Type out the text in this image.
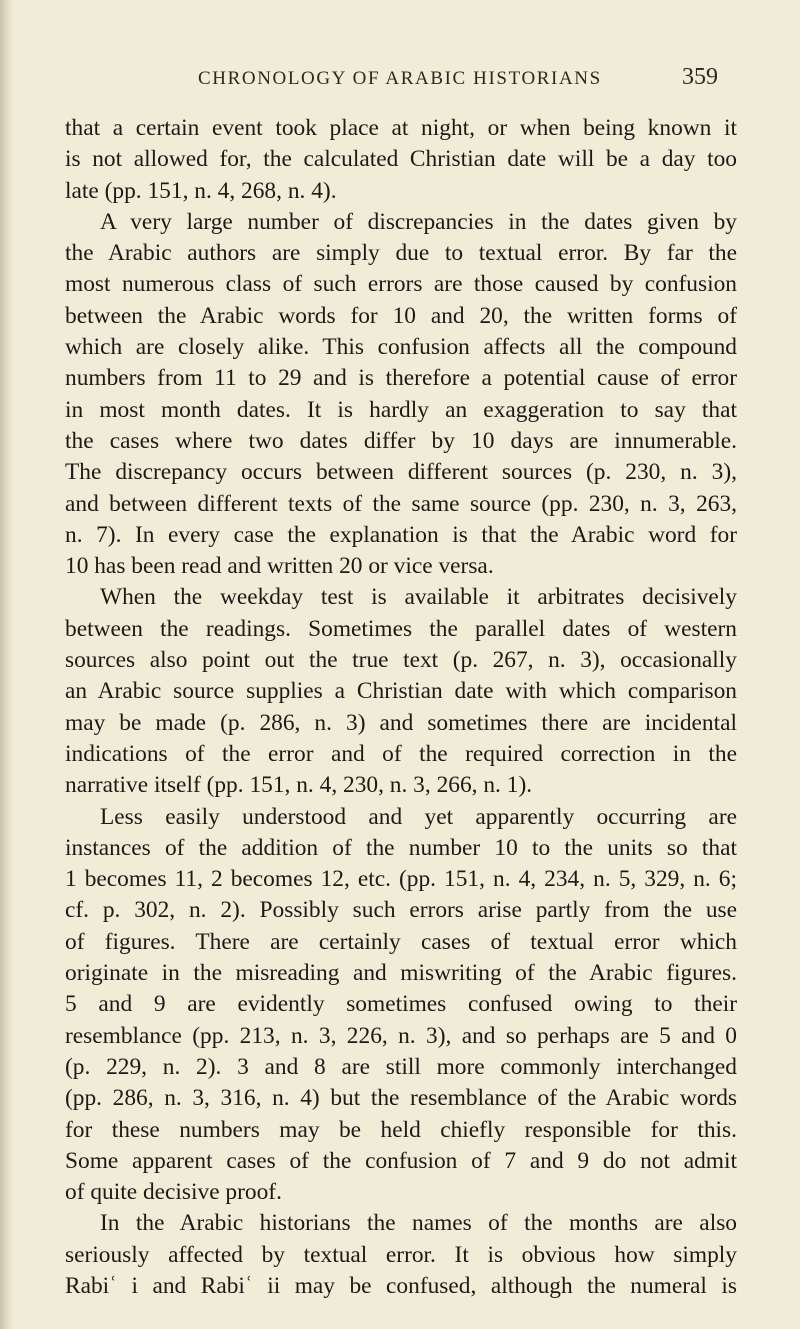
CHRONOLOGY OF ARABIC HISTORIANS	359
that a certain event took place at night, or when being known it
is not allowed for, the calculated Christian date will be a day too
late (pp. 151, n. 4, 268, n. 4).
A very large number of discrepancies in the dates given by
the Arabic authors are simply due to textual error. By far the
most numerous class of such errors are those caused by confusion
between the Arabic words for 10 and 20, the written forms of
which are closely alike. This confusion affects all the compound
numbers from 11 to 29 and is therefore a potential cause of error
in most month dates. It is hardly an exaggeration to say that
the cases where two dates differ by 10 days are innumerable.
The discrepancy occurs between different sources (p. 230, n. 3),
and between different texts of the same source (pp. 230, n. 3, 263,
n. 7). In every case the explanation is that the Arabic word for
10 has been read and written 20 or vice versa.
When the weekday test is available it arbitrates decisively
between the readings. Sometimes the parallel dates of western
sources also point out the true text (p. 267, n. 3), occasionally
an Arabic source supplies a Christian date with which comparison
may be made (p. 286, n. 3) and sometimes there are incidental
indications of the error and of the required correction in the
narrative itself (pp. 151, n. 4, 230, n. 3, 266, n. 1).
Less easily understood and yet apparently occurring are
instances of the addition of the number 10 to the units so that
1 becomes 11, 2 becomes 12, etc. (pp. 151, n. 4, 234, n. 5, 329, n. 6;
cf. p. 302, n. 2). Possibly such errors arise partly from the use
of figures. There are certainly cases of textual error which
originate in the misreading and miswriting of the Arabic figures.
5 and 9 are evidently sometimes confused owing to their
resemblance (pp. 213, n. 3, 226, n. 3), and so perhaps are 5 and 0
(p. 229, n. 2). 3 and 8 are still more commonly interchanged
(pp. 286, n. 3, 316, n. 4) but the resemblance of the Arabic words
for these numbers may be held chiefly responsible for this.
Some apparent cases of the confusion of 7 and 9 do not admit
of quite decisive proof.
In the Arabic historians the names of the months are also
seriously affected by textual error. It is obvious how simply
Rabiʿ i and Rabiʿ ii may be confused, although the numeral is
